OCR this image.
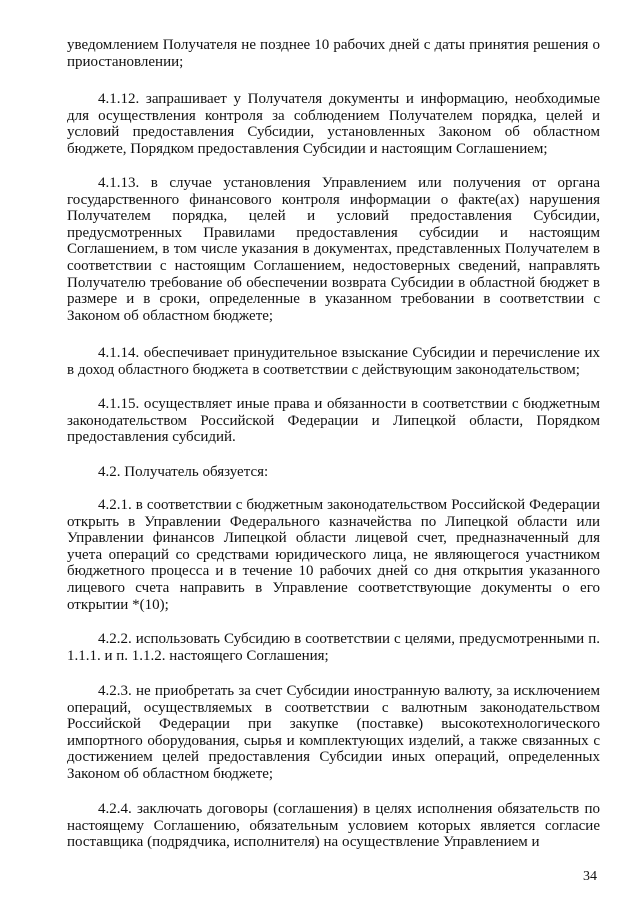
уведомлением Получателя не позднее 10 рабочих дней с даты принятия решения о приостановлении;

4.1.12. запрашивает у Получателя документы и информацию, необходимые для осуществления контроля за соблюдением Получателем порядка, целей и условий предоставления Субсидии, установленных Законом об областном бюджете, Порядком предоставления Субсидии и настоящим Соглашением;

4.1.13. в случае установления Управлением или получения от органа государственного финансового контроля информации о факте(ах) нарушения Получателем порядка, целей и условий предоставления Субсидии, предусмотренных Правилами предоставления субсидии и настоящим Соглашением, в том числе указания в документах, представленных Получателем в соответствии с настоящим Соглашением, недостоверных сведений, направлять Получателю требование об обеспечении возврата Субсидии в областной бюджет в размере и в сроки, определенные в указанном требовании в соответствии с Законом об областном бюджете;

4.1.14. обеспечивает принудительное взыскание Субсидии и перечисление их в доход областного бюджета в соответствии с действующим законодательством;

4.1.15. осуществляет иные права и обязанности в соответствии с бюджетным законодательством Российской Федерации и Липецкой области, Порядком предоставления субсидий.

4.2. Получатель обязуется:

4.2.1. в соответствии с бюджетным законодательством Российской Федерации открыть в Управлении Федерального казначейства по Липецкой области или Управлении финансов Липецкой области лицевой счет, предназначенный для учета операций со средствами юридического лица, не являющегося участником бюджетного процесса и в течение 10 рабочих дней со дня открытия указанного лицевого счета направить в Управление соответствующие документы о его открытии *(10);

4.2.2. использовать Субсидию в соответствии с целями, предусмотренными п. 1.1.1. и п. 1.1.2. настоящего Соглашения;

4.2.3. не приобретать за счет Субсидии иностранную валюту, за исключением операций, осуществляемых в соответствии с валютным законодательством Российской Федерации при закупке (поставке) высокотехнологического импортного оборудования, сырья и комплектующих изделий, а также связанных с достижением целей предоставления Субсидии иных операций, определенных Законом об областном бюджете;

4.2.4. заключать договоры (соглашения) в целях исполнения обязательств по настоящему Соглашению, обязательным условием которых является согласие поставщика (подрядчика, исполнителя) на осуществление Управлением и

34
